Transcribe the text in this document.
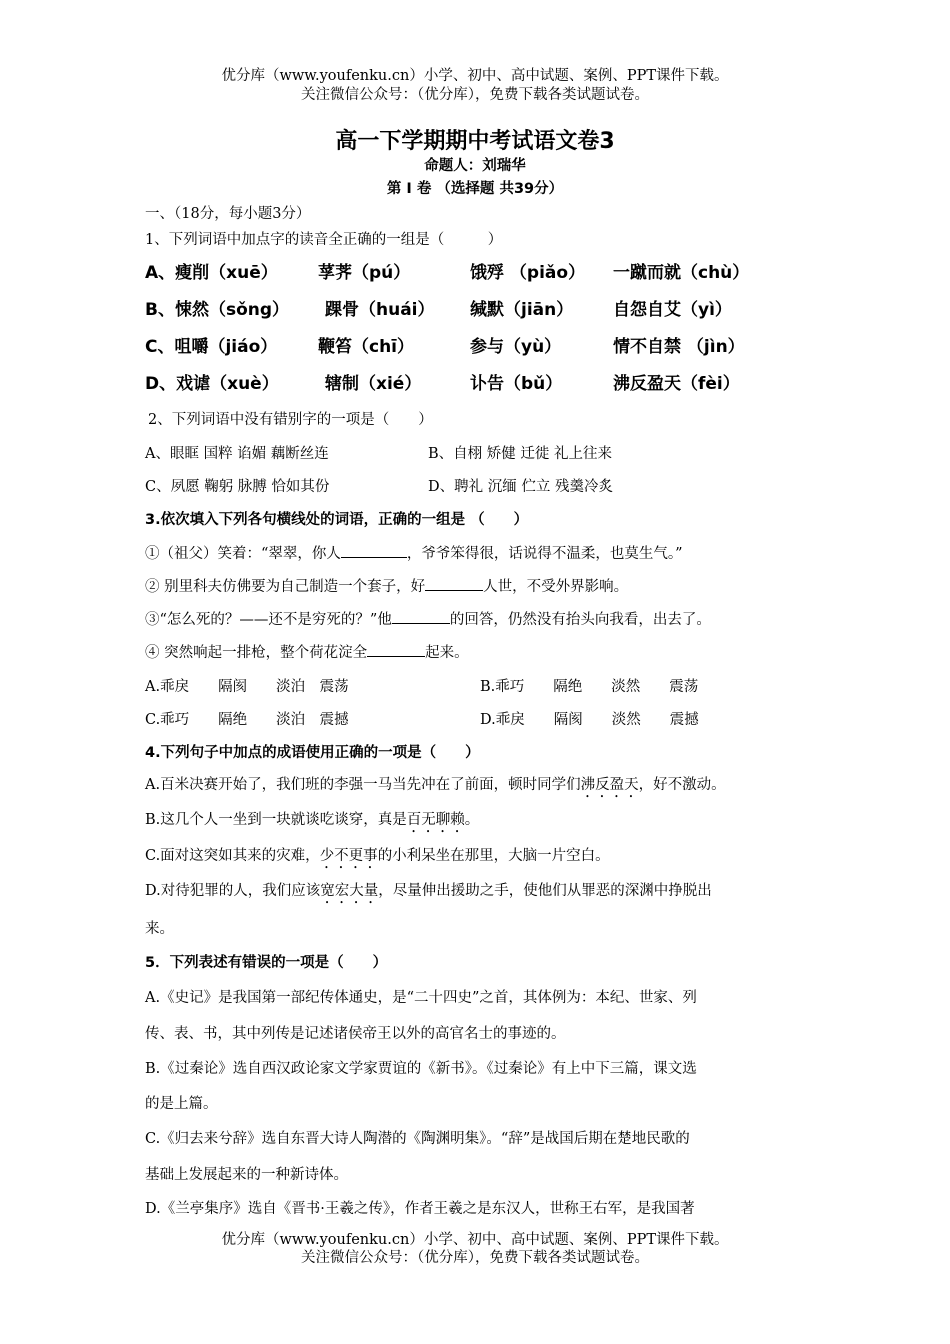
优分库（www.youfenku.cn）小学、初中、高中试题、案例、PPT课件下载。
关注微信公众号：（优分库），免费下载各类试题试卷。
高一下学期期中考试语文卷3
命题人：刘瑞华
第 I 卷 （选择题 共39分）
一、（18分，每小题3分）
1、下列词语中加点字的读音全正确的一组是（　　　）
A、瘦削（xuē） 莩荠（pú）	饿殍 （piǎo） 一蹴而就（chù）
B、悚然（sǒng） 踝骨（huái） 缄默（jiān） 自怨自艾（yì）
C、咀嚼（jiáo） 鞭笞（chī）	参与（yù）	情不自禁 （jìn）
D、戏谑（xuè）	辖制（xié）	讣告（bǔ）	沸反盈天（fèi）
2、下列词语中没有错别字的一项是（　　）
A、眼眶 国粹 谄媚 藕断丝连	B、自栩 矫健 迁徙 礼上往来
C、夙愿 鞠躬 脉膊 恰如其份	D、聘礼 沉缅 伫立 残羹冷炙
3.依次填入下列各句横线处的词语，正确的一组是 （　　）
①（祖父）笑着：“翠翠，你人	，爷爷笨得很，话说得不温柔，也莫生气。”
② 别里科夫仿佛要为自己制造一个套子，好	人世，不受外界影响。
③“怎么死的？——还不是穷死的？”他	的回答，仍然没有抬头向我看，出去了。
④ 突然响起一排枪，整个荷花淀全	起来。
A.乖戾　　隔阂　　淡泊　震荡	B.乖巧　　隔绝　　淡然　　震荡
C.乖巧　　隔绝　　淡泊　震撼	D.乖戾　　隔阂　　淡然　　震撼
4.下列句子中加点的成语使用正确的一项是（　　）
A.百米决赛开始了，我们班的李强一马当先冲在了前面，顿时同学们沸反盈天，好不激动。
B.这几个人一坐到一块就谈吃谈穿，真是百无聊赖。
C.面对这突如其来的灾难，少不更事的小利呆坐在那里，大脑一片空白。
D.对待犯罪的人，我们应该宽宏大量，尽量伸出援助之手，使他们从罪恶的深渊中挣脱出
来。
5．下列表述有错误的一项是（　　）
A.《史记》是我国第一部纪传体通史，是“二十四史”之首，其体例为：本纪、世家、列
传、表、书，其中列传是记述诸侯帝王以外的高官名士的事迹的。
B.《过秦论》选自西汉政论家文学家贾谊的《新书》。《过秦论》有上中下三篇，课文选
的是上篇。
C.《归去来兮辞》选自东晋大诗人陶潜的《陶渊明集》。“辞”是战国后期在楚地民歌的
基础上发展起来的一种新诗体。
D.《兰亭集序》选自《晋书·王羲之传》，作者王羲之是东汉人，世称王右军，是我国著
优分库（www.youfenku.cn）小学、初中、高中试题、案例、PPT课件下载。
关注微信公众号：（优分库），免费下载各类试题试卷。
